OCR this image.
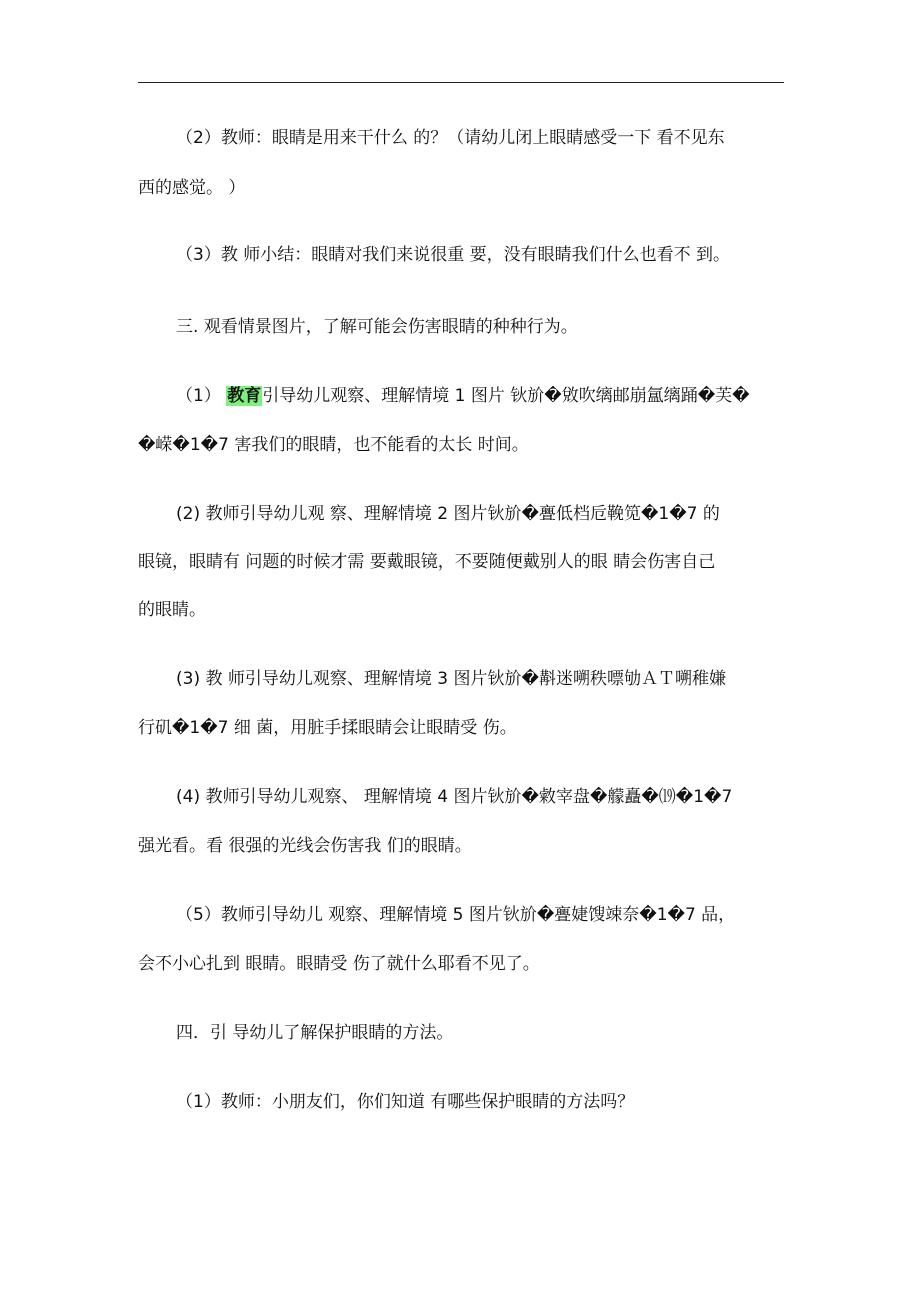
（2）教师：眼睛是用来干什么 的？（请幼儿闭上眼睛感受一下 看不见东
西的感觉。 ）
（3）教 师小结：眼睛对我们来说很重 要，没有眼睛我们什么也看不 到。
三. 观看情景图片，了解可能会伤害眼睛的种种行为。
（1） 教育引导幼儿观察、理解情境 1 图片 钬斺�敓吹缡邮崩氲缡踊�芙�
�嵘�1�7 害我们的眼睛，也不能看的太长 时间。
(2) 教师引导幼儿观 察、理解情境 2 图片钬斺�亹低档卮鞔笕�1�7 的
眼镜，眼睛有 问题的时候才需 要戴眼镜，不要随便戴别人的眼 睛会伤害自己
的眼睛。
(3) 教 师引导幼儿观察、理解情境 3 图片钬斺�斠迷嗍秩嘌劬ＡＴ嗍稚嫌
行矶�1�7 细 菌，用脏手揉眼睛会让眼睛受 伤。
(4) 教师引导幼儿观察、 理解情境 4 图片钬斺�敹宰盘�艨矗�⒆�1�7
强光看。看 很强的光线会伤害我 们的眼睛。
（5）教师引导幼儿 观察、理解情境 5 图片钬斺�亹婕馊竦奈�1�7 品，
会不小心扎到 眼睛。眼睛受 伤了就什么耶看不见了。
四．引 导幼儿了解保护眼睛的方法。
（1）教师：小朋友们，你们知道 有哪些保护眼睛的方法吗？
